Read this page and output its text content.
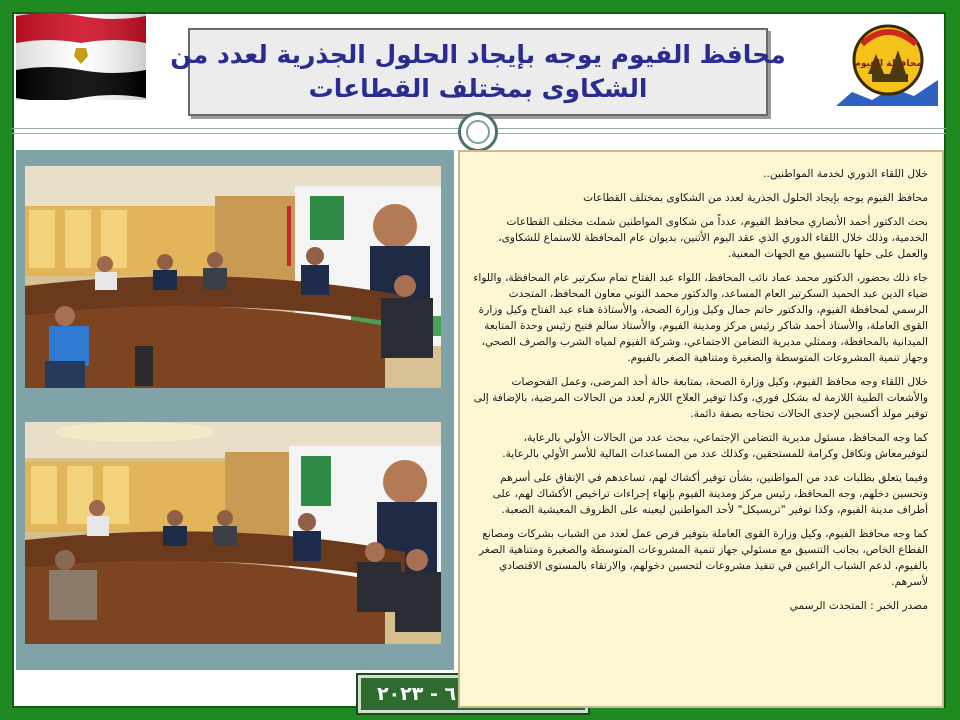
محافظة الفيوم
محافظ الفيوم يوجه بإيجاد الحلول الجذرية لعدد من
الشكاوى بمختلف القطاعات
٦ - ٢٠٢٣

خلال اللقاء الدوري لخدمة المواطنين..

محافظ الفيوم يوجه بإيجاد الحلول الجذرية لعدد من الشكاوى بمختلف القطاعات

بحث الدكتور أحمد الأنصاري محافظ الفيوم، عدداً من شكاوى المواطنين شملت مختلف القطاعات الخدمية، وذلك خلال اللقاء الدوري الذي عقد اليوم الأثنين، بديوان عام المحافظة للاستماع للشكاوى، والعمل على حلها بالتنسيق مع الجهات المعنية.

جاء ذلك بحضور، الدكتور محمد عماد نائب المحافظ، اللواء عبد الفتاح تمام سكرتير عام المحافظة، واللواء ضياء الدين عبد الحميد السكرتير العام المساعد، والدكتور محمد التوني معاون المحافظ، المتحدث الرسمي لمحافظة الفيوم، والدكتور حاتم جمال وكيل وزارة الصحة، والأستاذة هناء عبد الفتاح وكيل وزارة القوى العاملة، والأستاذ أحمد شاكر رئيس مركز ومدينة الفيوم، والأستاذ سالم فتيح رئيس وحدة المتابعة الميدانية بالمحافظة، وممثلي مديرية التضامن الاجتماعي، وشركة الفيوم لمياه الشرب والصرف الصحي، وجهاز تنمية المشروعات المتوسطة والصغيرة ومتناهية الصغر بالفيوم.

خلال اللقاء وجه محافظ الفيوم، وكيل وزارة الصحة، بمتابعة حالة أحد المرضى، وعمل الفحوصات والأشعات الطبية اللازمة له بشكل فوري، وكذا توفير العلاج اللازم لعدد من الحالات المرضية، بالإضافة إلى توفير مولد أكسجين لإحدى الحالات تحتاجه بصفة دائمة.

كما وجه المحافظ، مسئول مديرية التضامن الإجتماعي، ببحث عدد من الحالات الأولي بالرعاية، لتوفيرمعاش وتكافل وكرامة للمستحقين، وكذلك عدد من المساعدات المالية للأسر الأولي بالرعاية.

وفيما يتعلق بطلبات عدد من المواطنين، بشأن توفير أكشاك لهم، تساعدهم في الإنفاق على أسرهم وتحسين دخلهم، وجه المحافظ، رئيس مركز ومدينة الفيوم بإنهاء إجراءات تراخيص الأكشاك لهم، على أطراف مدينة الفيوم، وكذا توفير "تريسيكل" لأحد المواطنين ليعينه على الظروف المعيشية الصعبة.

كما وجه محافظ الفيوم، وكيل وزارة القوى العاملة بتوفير فرص عمل لعدد من الشباب بشركات ومصانع القطاع الخاص، بجانب التنسيق مع مسئولي جهاز تنمية المشروعات المتوسطة والصغيرة ومتناهية الصغر بالفيوم، لدعم الشباب الراغبين في تنفيذ مشروعات لتحسين دخولهم، والارتقاء بالمستوى الاقتصادي لأسرهم.

مصدر الخبر : المتحدث الرسمي
